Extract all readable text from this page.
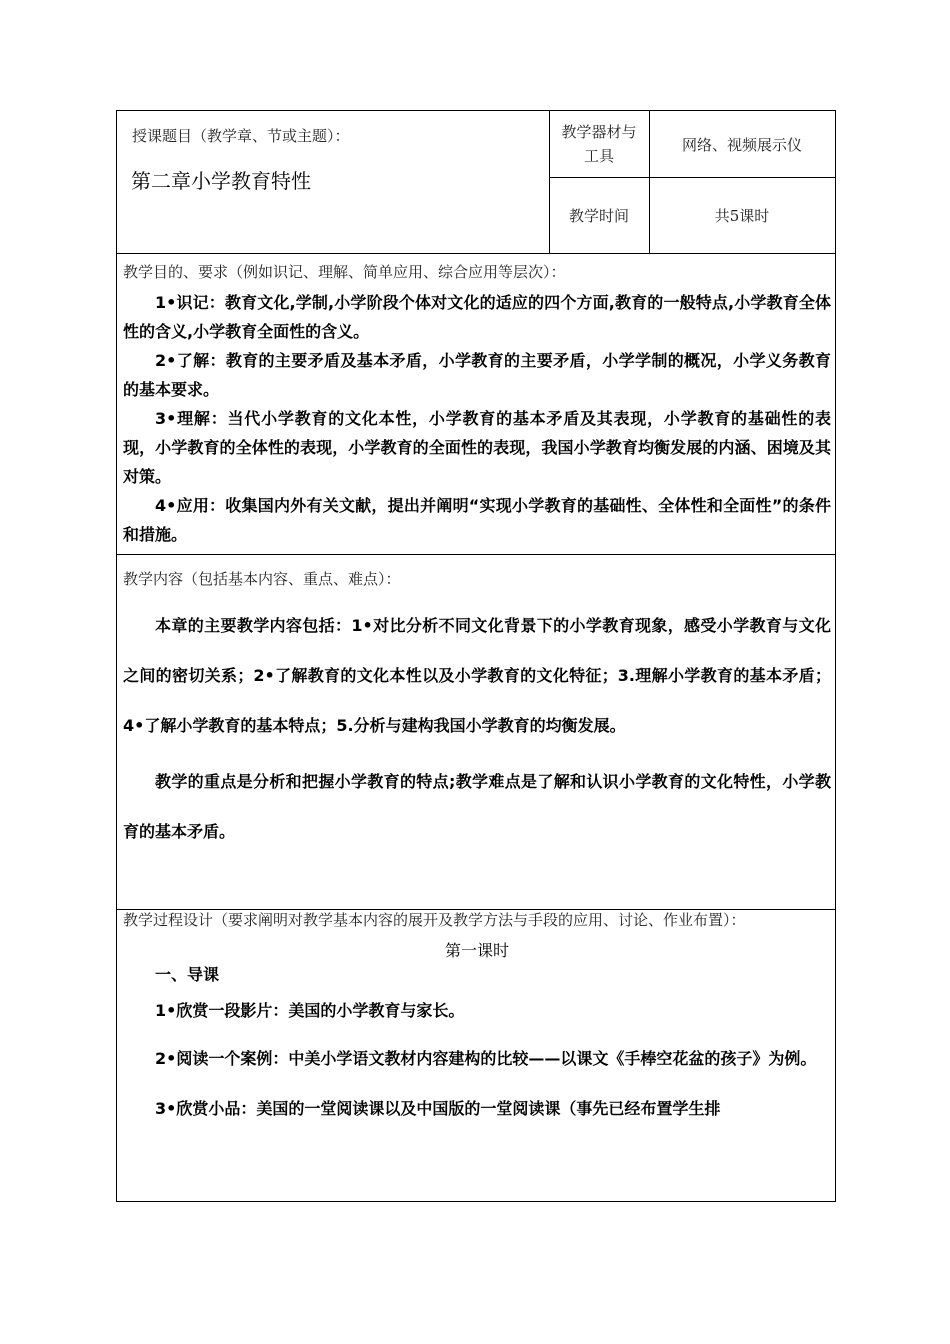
授课题目（教学章、节或主题）：

第二章小学教育特性

教学器材与工具
网络、视频展示仪
教学时间	共5课时

教学目的、要求（例如识记、理解、简单应用、综合应用等层次）：

1•识记：教育文化,学制,小学阶段个体对文化的适应的四个方面,教育的一般特点,小学教育全体性的含义,小学教育全面性的含义。

2•了解：教育的主要矛盾及基本矛盾，小学教育的主要矛盾，小学学制的概况，小学义务教育的基本要求。

3•理解：当代小学教育的文化本性，小学教育的基本矛盾及其表现，小学教育的基础性的表现，小学教育的全体性的表现，小学教育的全面性的表现，我国小学教育均衡发展的内涵、困境及其对策。

4•应用：收集国内外有关文献，提出并阐明“实现小学教育的基础性、全体性和全面性”的条件和措施。

教学内容（包括基本内容、重点、难点）：

本章的主要教学内容包括：1•对比分析不同文化背景下的小学教育现象，感受小学教育与文化之间的密切关系；2•了解教育的文化本性以及小学教育的文化特征；3.理解小学教育的基本矛盾；4•了解小学教育的基本特点；5.分析与建构我国小学教育的均衡发展。

教学的重点是分析和把握小学教育的特点;教学难点是了解和认识小学教育的文化特性，小学教育的基本矛盾。

教学过程设计（要求阐明对教学基本内容的展开及教学方法与手段的应用、讨论、作业布置）：

第一课时

一、导课

1•欣赏一段影片：美国的小学教育与家长。

2•阅读一个案例：中美小学语文教材内容建构的比较——以课文《手棒空花盆的孩子》为例。

3•欣赏小品：美国的一堂阅读课以及中国版的一堂阅读课（事先已经布置学生排
